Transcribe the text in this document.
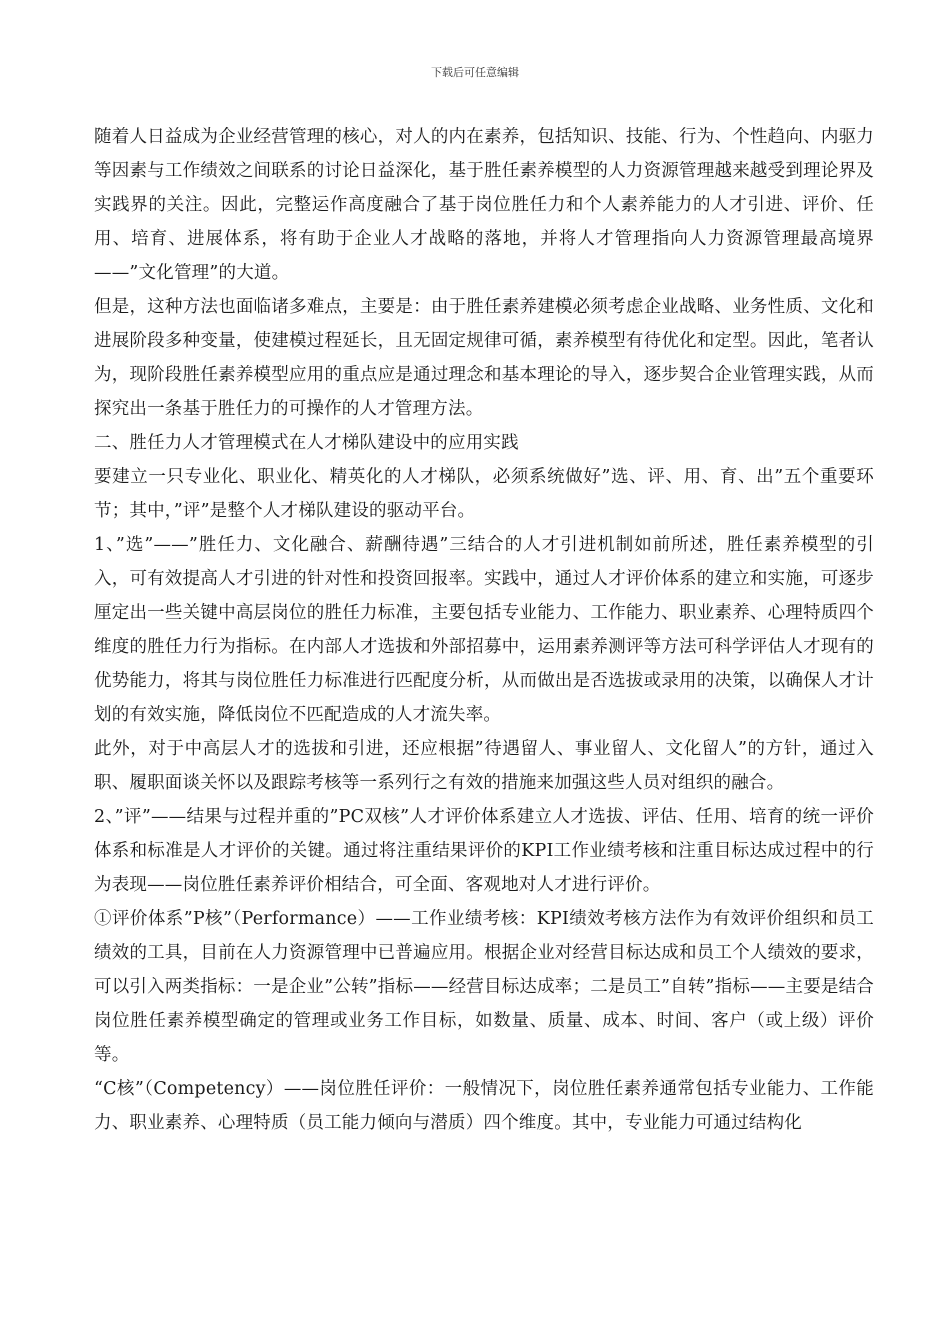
下载后可任意编辑

随着人日益成为企业经营管理的核心，对人的内在素养，包括知识、技能、行为、个性趋向、内驱力等因素与工作绩效之间联系的讨论日益深化，基于胜任素养模型的人力资源管理越来越受到理论界及实践界的关注。因此，完整运作高度融合了基于岗位胜任力和个人素养能力的人才引进、评价、任用、培育、进展体系，将有助于企业人才战略的落地，并将人才管理指向人力资源管理最高境界——”文化管理”的大道。

但是，这种方法也面临诸多难点，主要是：由于胜任素养建模必须考虑企业战略、业务性质、文化和进展阶段多种变量，使建模过程延长，且无固定规律可循，素养模型有待优化和定型。因此，笔者认为，现阶段胜任素养模型应用的重点应是通过理念和基本理论的导入，逐步契合企业管理实践，从而探究出一条基于胜任力的可操作的人才管理方法。

二、胜任力人才管理模式在人才梯队建设中的应用实践

要建立一只专业化、职业化、精英化的人才梯队，必须系统做好”选、评、用、育、出”五个重要环节；其中，”评”是整个人才梯队建设的驱动平台。

1、”选”——”胜任力、文化融合、薪酬待遇”三结合的人才引进机制如前所述，胜任素养模型的引入，可有效提高人才引进的针对性和投资回报率。实践中，通过人才评价体系的建立和实施，可逐步厘定出一些关键中高层岗位的胜任力标准，主要包括专业能力、工作能力、职业素养、心理特质四个维度的胜任力行为指标。在内部人才选拔和外部招募中，运用素养测评等方法可科学评估人才现有的优势能力，将其与岗位胜任力标准进行匹配度分析，从而做出是否选拔或录用的决策，以确保人才计划的有效实施，降低岗位不匹配造成的人才流失率。

此外，对于中高层人才的选拔和引进，还应根据”待遇留人、事业留人、文化留人”的方针，通过入职、履职面谈关怀以及跟踪考核等一系列行之有效的措施来加强这些人员对组织的融合。

2、”评”——结果与过程并重的”PC双核”人才评价体系建立人才选拔、评估、任用、培育的统一评价体系和标准是人才评价的关键。通过将注重结果评价的KPI工作业绩考核和注重目标达成过程中的行为表现——岗位胜任素养评价相结合，可全面、客观地对人才进行评价。

①评价体系”P核”（Performance）——工作业绩考核：KPI绩效考核方法作为有效评价组织和员工绩效的工具，目前在人力资源管理中已普遍应用。根据企业对经营目标达成和员工个人绩效的要求，可以引入两类指标：一是企业”公转”指标——经营目标达成率；二是员工”自转”指标——主要是结合岗位胜任素养模型确定的管理或业务工作目标，如数量、质量、成本、时间、客户（或上级）评价等。

“C核”（Competency）——岗位胜任评价：一般情况下，岗位胜任素养通常包括专业能力、工作能力、职业素养、心理特质（员工能力倾向与潜质）四个维度。其中，专业能力可通过结构化
